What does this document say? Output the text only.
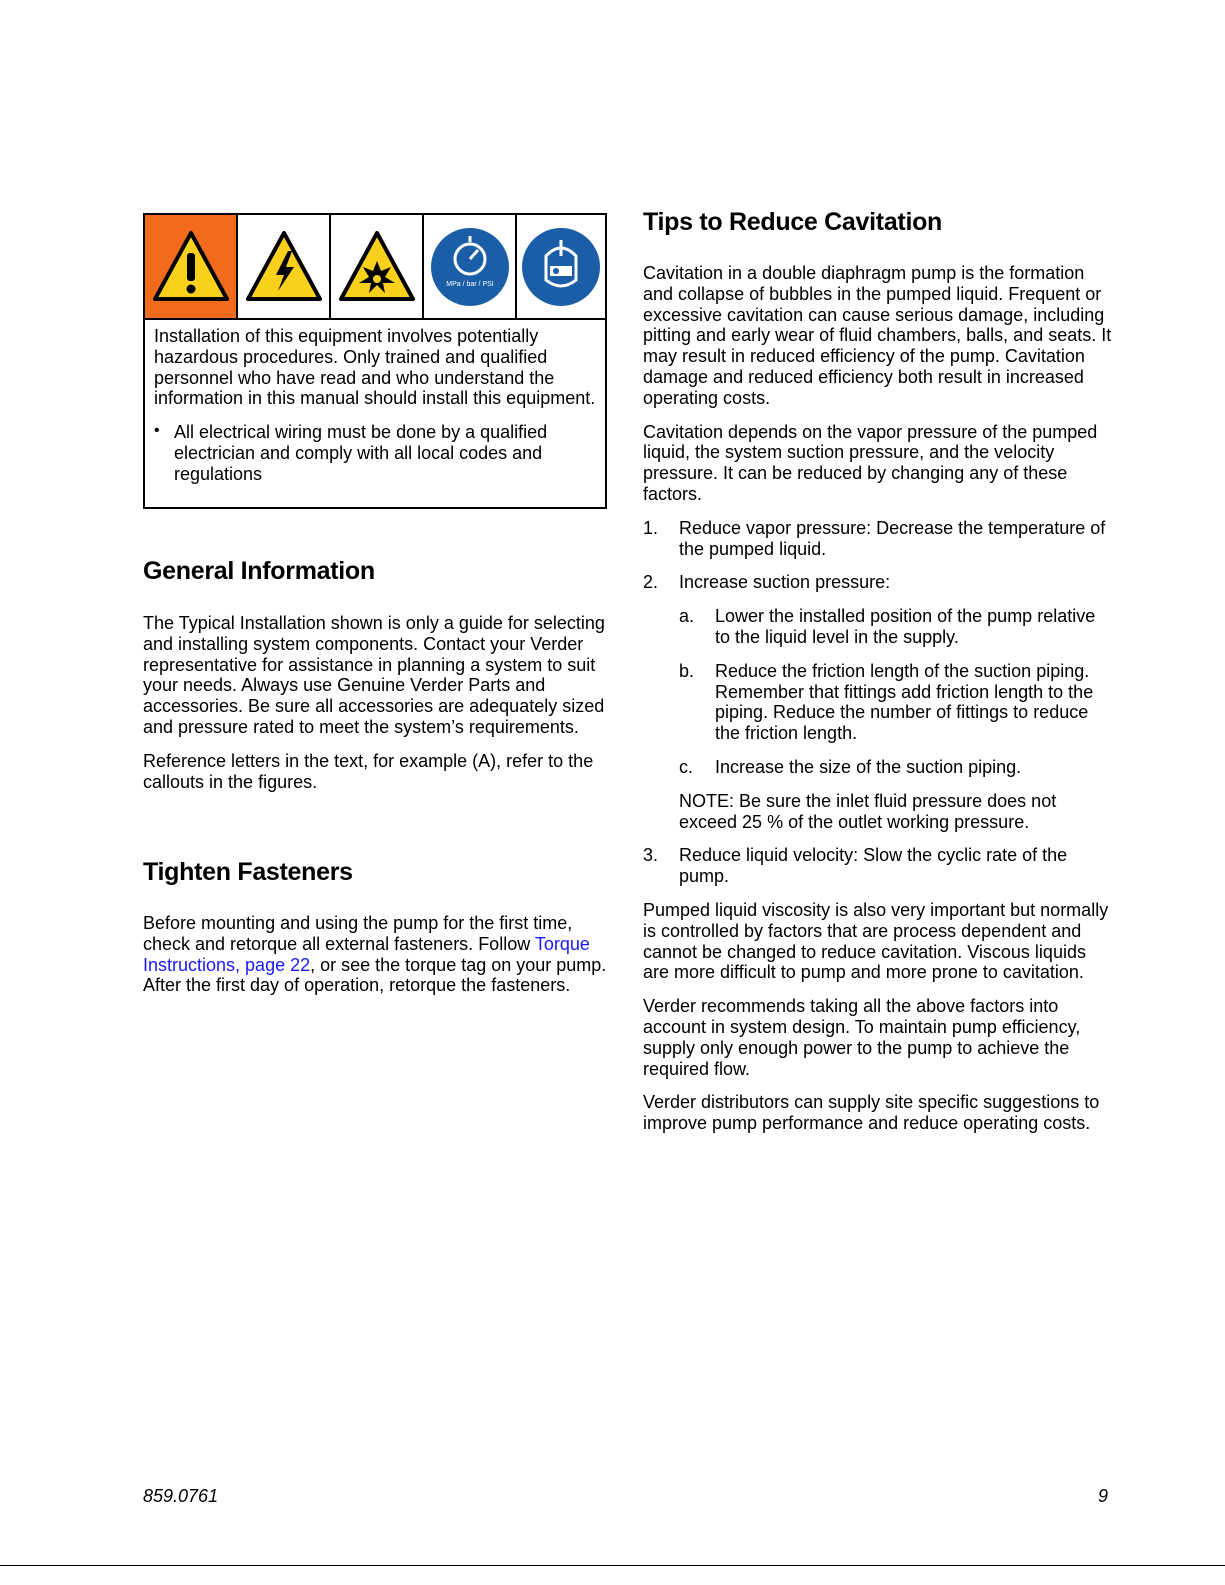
MPa / bar / PSI

Installation of this equipment involves potentially hazardous procedures. Only trained and qualified personnel who have read and who understand the information in this manual should install this equipment.

• All electrical wiring must be done by a qualified electrician and comply with all local codes and regulations

General Information

The Typical Installation shown is only a guide for selecting and installing system components. Contact your Verder representative for assistance in planning a system to suit your needs. Always use Genuine Verder Parts and accessories. Be sure all accessories are adequately sized and pressure rated to meet the system’s requirements.

Reference letters in the text, for example (A), refer to the callouts in the figures.

Tighten Fasteners

Before mounting and using the pump for the first time, check and retorque all external fasteners. Follow Torque Instructions, page 22, or see the torque tag on your pump. After the first day of operation, retorque the fasteners.

Tips to Reduce Cavitation

Cavitation in a double diaphragm pump is the formation and collapse of bubbles in the pumped liquid. Frequent or excessive cavitation can cause serious damage, including pitting and early wear of fluid chambers, balls, and seats. It may result in reduced efficiency of the pump. Cavitation damage and reduced efficiency both result in increased operating costs.

Cavitation depends on the vapor pressure of the pumped liquid, the system suction pressure, and the velocity pressure. It can be reduced by changing any of these factors.

1.	Reduce vapor pressure: Decrease the temperature of the pumped liquid.
2.	Increase suction pressure:
a.	Lower the installed position of the pump relative to the liquid level in the supply.
b.	Reduce the friction length of the suction piping. Remember that fittings add friction length to the piping. Reduce the number of fittings to reduce the friction length.
c.	Increase the size of the suction piping.
NOTE: Be sure the inlet fluid pressure does not exceed 25 % of the outlet working pressure.
3.	Reduce liquid velocity: Slow the cyclic rate of the pump.

Pumped liquid viscosity is also very important but normally is controlled by factors that are process dependent and cannot be changed to reduce cavitation. Viscous liquids are more difficult to pump and more prone to cavitation.

Verder recommends taking all the above factors into account in system design. To maintain pump efficiency, supply only enough power to the pump to achieve the required flow.

Verder distributors can supply site specific suggestions to improve pump performance and reduce operating costs.

859.0761	9
